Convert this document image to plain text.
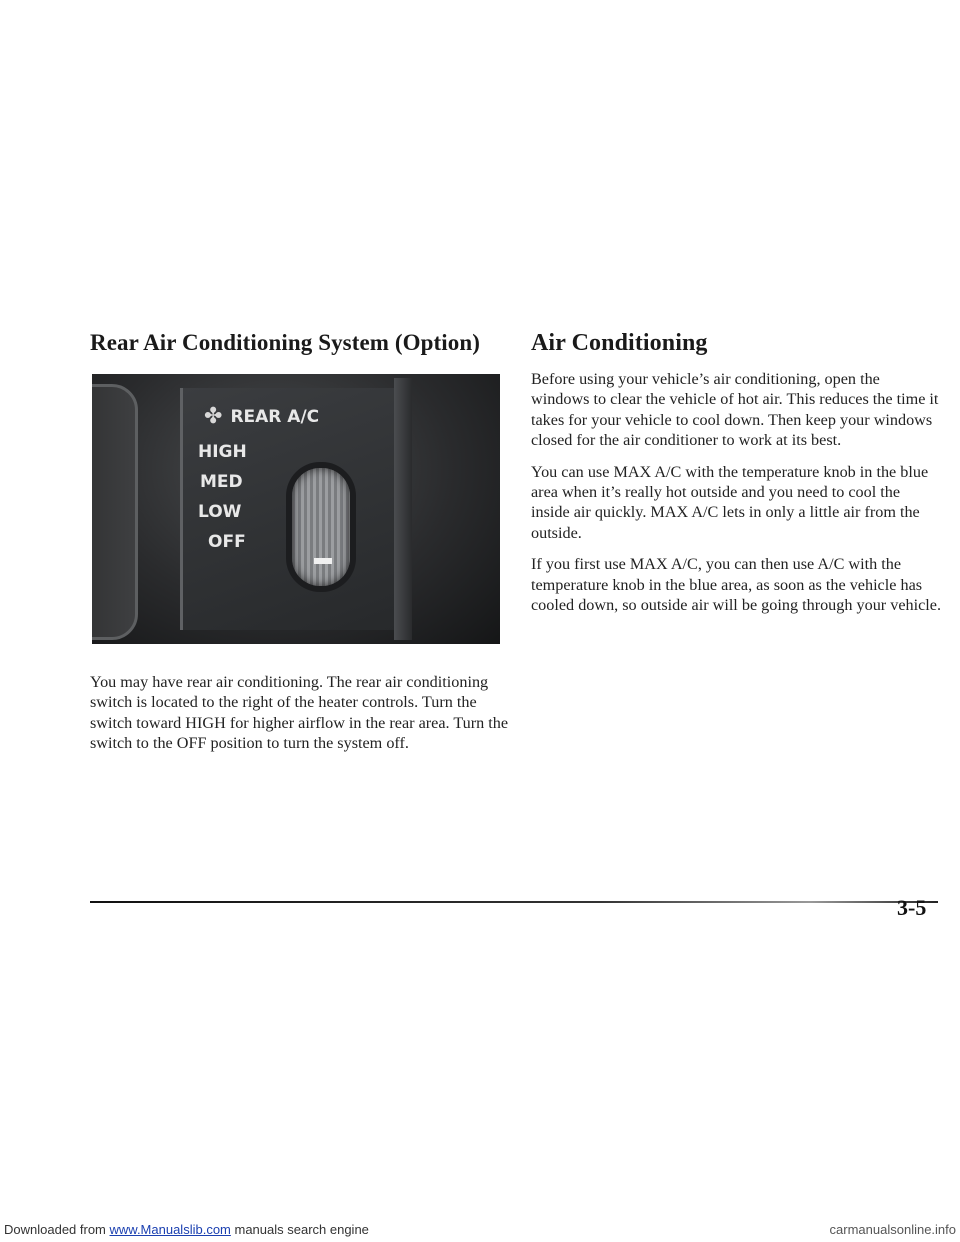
Rear Air Conditioning System (Option)
✤ REAR A/C
HIGH
MED
LOW
OFF

You may have rear air conditioning. The rear air conditioning switch is located to the right of the heater controls. Turn the switch toward HIGH for higher airflow in the rear area. Turn the switch to the OFF position to turn the system off.

Air Conditioning

Before using your vehicle’s air conditioning, open the windows to clear the vehicle of hot air. This reduces the time it takes for your vehicle to cool down. Then keep your windows closed for the air conditioner to work at its best.

You can use MAX A/C with the temperature knob in the blue area when it’s really hot outside and you need to cool the inside air quickly. MAX A/C lets in only a little air from the outside.

If you first use MAX A/C, you can then use A/C with the temperature knob in the blue area, as soon as the vehicle has cooled down, so outside air will be going through your vehicle.

3-5
Downloaded from www.Manualslib.com manuals search engine	carmanualsonline.info
